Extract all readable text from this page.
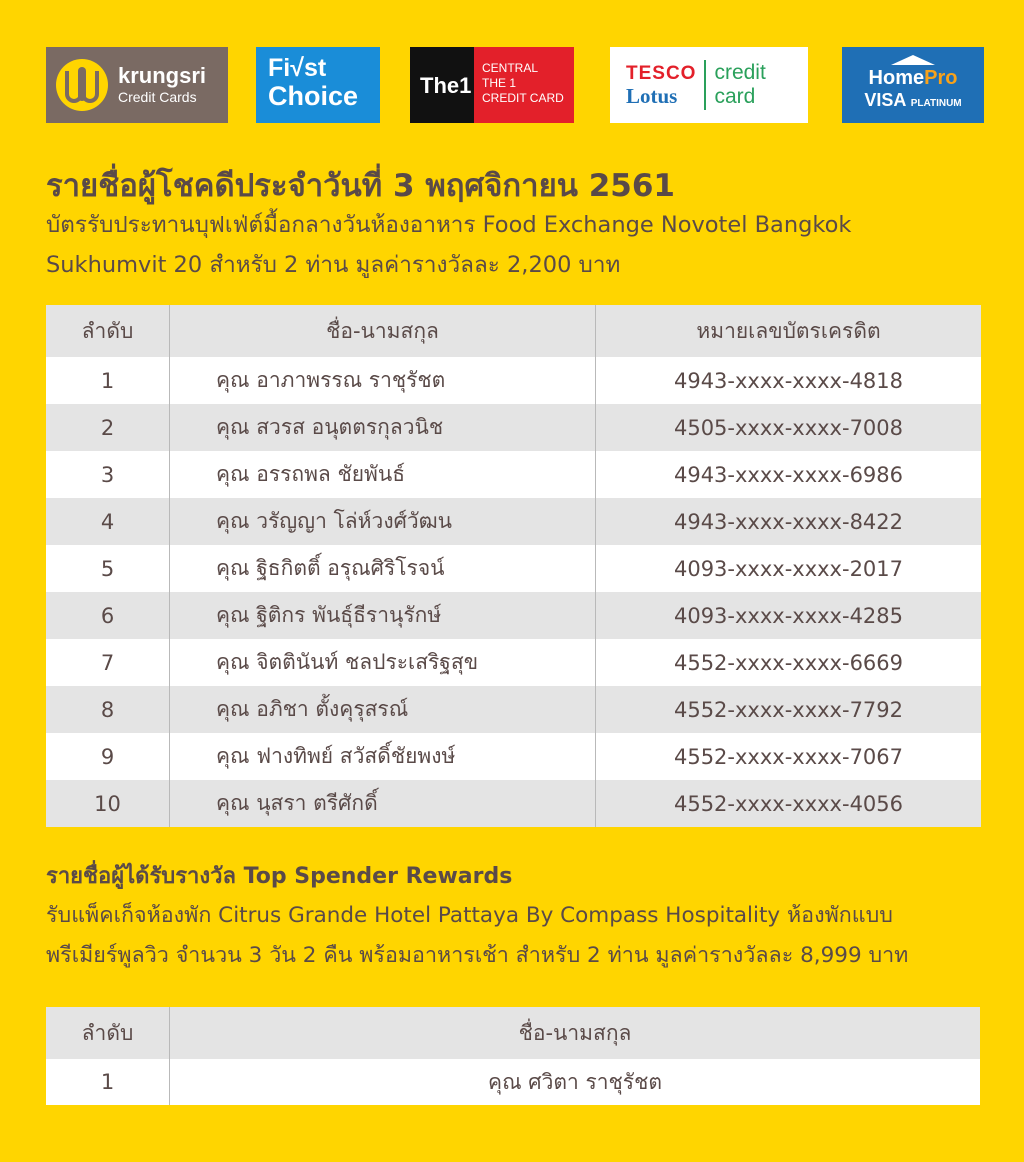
krungsri
Credit Cards
Fi√st
Choice	The1
CENTRAL
THE 1
CREDIT CARD
TESCO
Lotus
credit
card
HomePro
VISA PLATINUM
รายชื่อผู้โชคดีประจำวันที่ 3 พฤศจิกายน 2561

บัตรรับประทานบุฟเฟ่ต์มื้อกลางวันห้องอาหาร Food Exchange Novotel Bangkok
Sukhumvit 20 สำหรับ 2 ท่าน มูลค่ารางวัลละ 2,200 บาท

ลำดับ	ชื่อ-นามสกุล	หมายเลขบัตรเครดิต
1	คุณ อาภาพรรณ ราชุรัชต	4943-xxxx-xxxx-4818
2	คุณ สวรส อนุตตรกุลวนิช	4505-xxxx-xxxx-7008
3	คุณ อรรถพล ชัยพันธ์	4943-xxxx-xxxx-6986
4	คุณ วรัญญา โล่ห์วงศ์วัฒน	4943-xxxx-xxxx-8422
5	คุณ ฐิธกิตติ์ อรุณศิริโรจน์	4093-xxxx-xxxx-2017
6	คุณ ฐิติกร พันธุ์ธีรานุรักษ์	4093-xxxx-xxxx-4285
7	คุณ จิตตินันท์ ชลประเสริฐสุข	4552-xxxx-xxxx-6669
8	คุณ อภิชา ตั้งคุรุสรณ์	4552-xxxx-xxxx-7792
9	คุณ ฟางทิพย์ สวัสดิ์ชัยพงษ์	4552-xxxx-xxxx-7067
10	คุณ นุสรา ตรีศักดิ์	4552-xxxx-xxxx-4056
รายชื่อผู้ได้รับรางวัล Top Spender Rewards

รับแพ็คเก็จห้องพัก Citrus Grande Hotel Pattaya By Compass Hospitality ห้องพักแบบ
พรีเมียร์พูลวิว จำนวน 3 วัน 2 คืน พร้อมอาหารเช้า สำหรับ 2 ท่าน มูลค่ารางวัลละ 8,999 บาท

ลำดับ	ชื่อ-นามสกุล
1	คุณ ศวิตา ราชุรัชต
